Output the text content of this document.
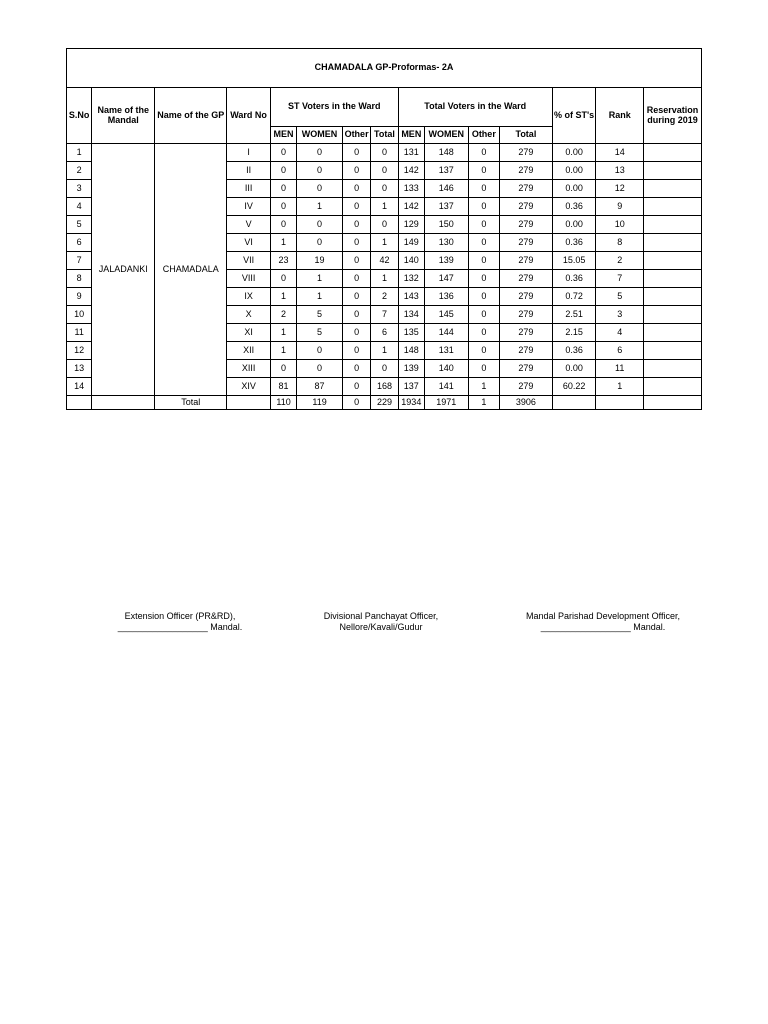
CHAMADALA GP-Proformas- 2A														
S.No	Name of the Mandal	Name of the GP	Ward No	ST Voters in the Ward				Total Voters in the Ward				% of ST's	Rank	Reservation during 2019
				MEN	WOMEN	Other	Total	MEN	WOMEN	Other	Total			
1	JALADANKI	CHAMADALA	I	0	0	0	0	131	148	0	279	0.00	14	
2			II	0	0	0	0	142	137	0	279	0.00	13	
3			III	0	0	0	0	133	146	0	279	0.00	12	
4			IV	0	1	0	1	142	137	0	279	0.36	9	
5			V	0	0	0	0	129	150	0	279	0.00	10	
6			VI	1	0	0	1	149	130	0	279	0.36	8	
7			VII	23	19	0	42	140	139	0	279	15.05	2	
8			VIII	0	1	0	1	132	147	0	279	0.36	7	
9			IX	1	1	0	2	143	136	0	279	0.72	5	
10			X	2	5	0	7	134	145	0	279	2.51	3	
11			XI	1	5	0	6	135	144	0	279	2.15	4	
12			XII	1	0	0	1	148	131	0	279	0.36	6	
13			XIII	0	0	0	0	139	140	0	279	0.00	11	
14			XIV	81	87	0	168	137	141	1	279	60.22	1	
		Total		110	119	0	229	1934	1971	1	3906			
Extension Officer (PR&RD),
__________________ Mandal.
Divisional Panchayat Officer,
Nellore/Kavali/Gudur
Mandal Parishad Development Officer,
__________________ Mandal.
